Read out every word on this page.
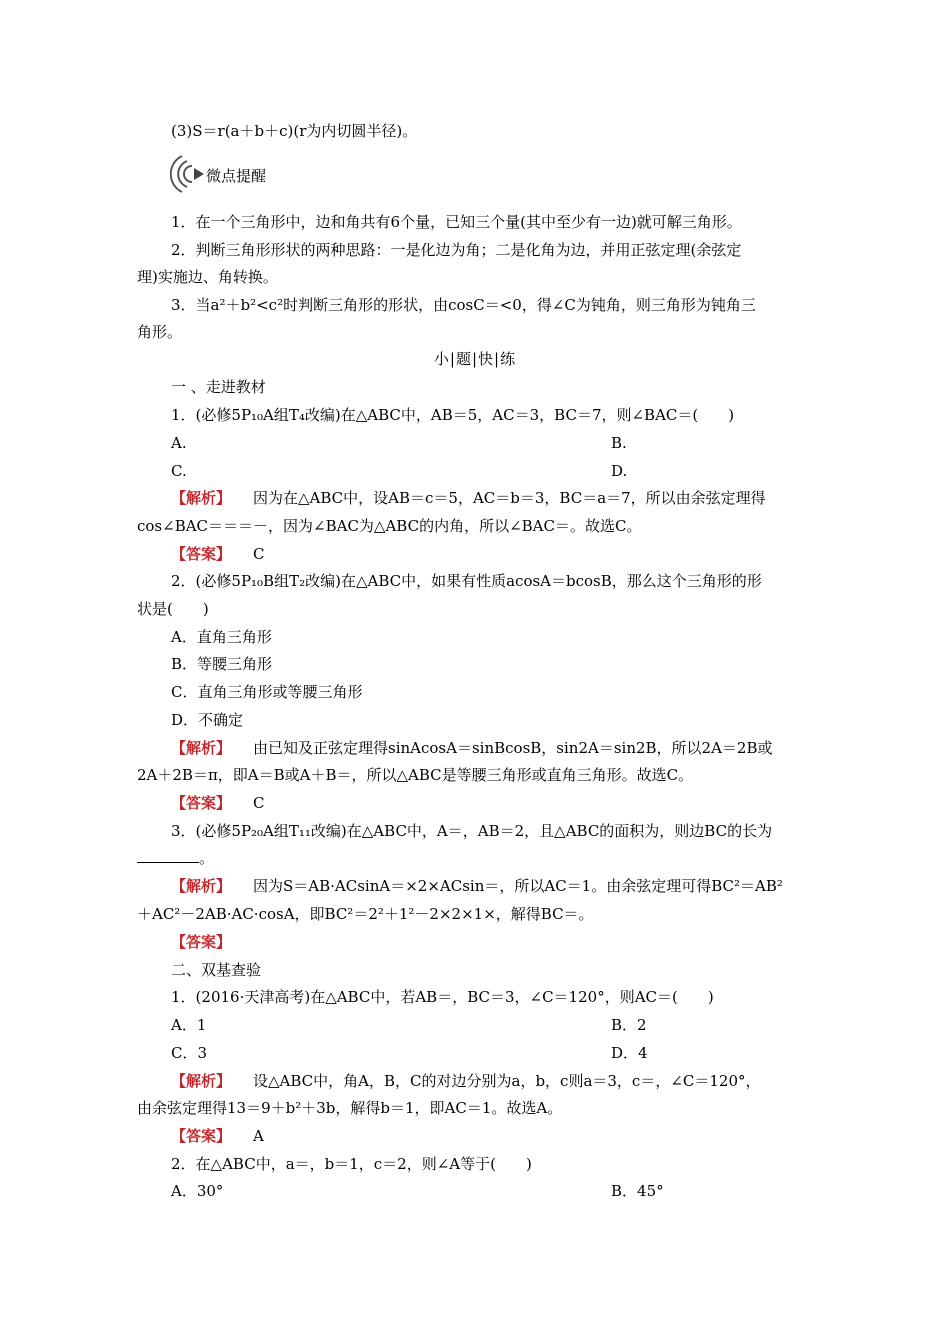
(3)S＝r(a＋b＋c)(r为内切圆半径)。
微点提醒
1．在一个三角形中，边和角共有6个量，已知三个量(其中至少有一边)就可解三角形。
2．判断三角形形状的两种思路：一是化边为角；二是化角为边，并用正弦定理(余弦定
理)实施边、角转换。
3．当a²＋b²<c²时判断三角形的形状，由cosC＝<0，得∠C为钝角，则三角形为钝角三
角形。
小|题|快|练
一 、走进教材
1．(必修5P₁₀A组T₄改编)在△ABC中，AB＝5，AC＝3，BC＝7，则∠BAC＝(　　)
A.	B.
C.	D.
【解析】 因为在△ABC中，设AB＝c＝5，AC＝b＝3，BC＝a＝7，所以由余弦定理得
cos∠BAC＝＝＝－，因为∠BAC为△ABC的内角，所以∠BAC＝。故选C。
【答案】 C
2．(必修5P₁₀B组T₂改编)在△ABC中，如果有性质acosA＝bcosB，那么这个三角形的形
状是(　　)
A．直角三角形
B．等腰三角形
C．直角三角形或等腰三角形
D．不确定
【解析】 由已知及正弦定理得sinAcosA＝sinBcosB，sin2A＝sin2B，所以2A＝2B或
2A＋2B＝π，即A＝B或A＋B＝，所以△ABC是等腰三角形或直角三角形。故选C。
【答案】 C
3．(必修5P₂₀A组T₁₁改编)在△ABC中，A＝，AB＝2，且△ABC的面积为，则边BC的长为
。
【解析】 因为S＝AB·ACsinA＝×2×ACsin＝，所以AC＝1。由余弦定理可得BC²＝AB²
＋AC²－2AB·AC·cosA，即BC²＝2²＋1²－2×2×1×，解得BC＝。
【答案】
二、双基查验
1．(2016·天津高考)在△ABC中，若AB＝，BC＝3，∠C＝120°，则AC＝(　　)
A．1	B．2
C．3	D．4
【解析】 设△ABC中，角A，B，C的对边分别为a，b，c则a＝3，c＝，∠C＝120°，
由余弦定理得13＝9＋b²＋3b，解得b＝1，即AC＝1。故选A。
【答案】 A
2．在△ABC中，a＝，b＝1，c＝2，则∠A等于(　　)
A．30°	B．45°
